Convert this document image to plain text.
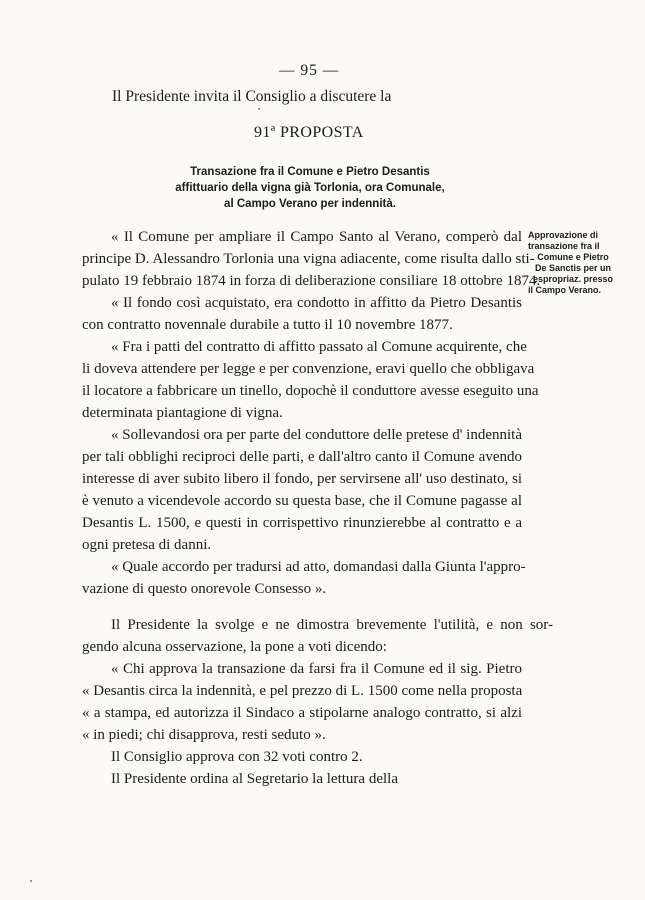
— 95 —
Il Presidente invita il Consiglio a discutere la
91ª PROPOSTA
Transazione fra il Comune e Pietro Desantis
affittuario della vigna già Torlonia, ora Comunale,
al Campo Verano per indennità.
Approvazione di
transazione fra il
Comune e Pietro
De Sanctis per un
espropriaz. presso
il Campo Verano.
« Il Comune per ampliare il Campo Santo al Verano, comperò dal
principe D. Alessandro Torlonia una vigna adiacente, come risulta dallo sti-
pulato 19 febbraio 1874 in forza di deliberazione consiliare 18 ottobre 1874.
« Il fondo così acquistato, era condotto in affitto da Pietro Desantis
con contratto novennale durabile a tutto il 10 novembre 1877.
« Fra i patti del contratto di affitto passato al Comune acquirente, che
li doveva attendere per legge e per convenzione, eravi quello che obbligava
il locatore a fabbricare un tinello, dopochè il conduttore avesse eseguito una
determinata piantagione di vigna.
« Sollevandosi ora per parte del conduttore delle pretese d' indennità
per tali obblighi reciproci delle parti, e dall'altro canto il Comune avendo
interesse di aver subito libero il fondo, per servirsene all' uso destinato, si
è venuto a vicendevole accordo su questa base, che il Comune pagasse al
Desantis L. 1500, e questi in corrispettivo rinunzierebbe al contratto e a
ogni pretesa di danni.
« Quale accordo per tradursi ad atto, domandasi dalla Giunta l'appro-
vazione di questo onorevole Consesso ».
Il Presidente la svolge e ne dimostra brevemente l'utilità, e non sor-
gendo alcuna osservazione, la pone a voti dicendo:
« Chi approva la transazione da farsi fra il Comune ed il sig. Pietro
« Desantis circa la indennità, e pel prezzo di L. 1500 come nella proposta
« a stampa, ed autorizza il Sindaco a stipolarne analogo contratto, si alzi
« in piedi; chi disapprova, resti seduto ».
Il Consiglio approva con 32 voti contro 2.
Il Presidente ordina al Segretario la lettura della
